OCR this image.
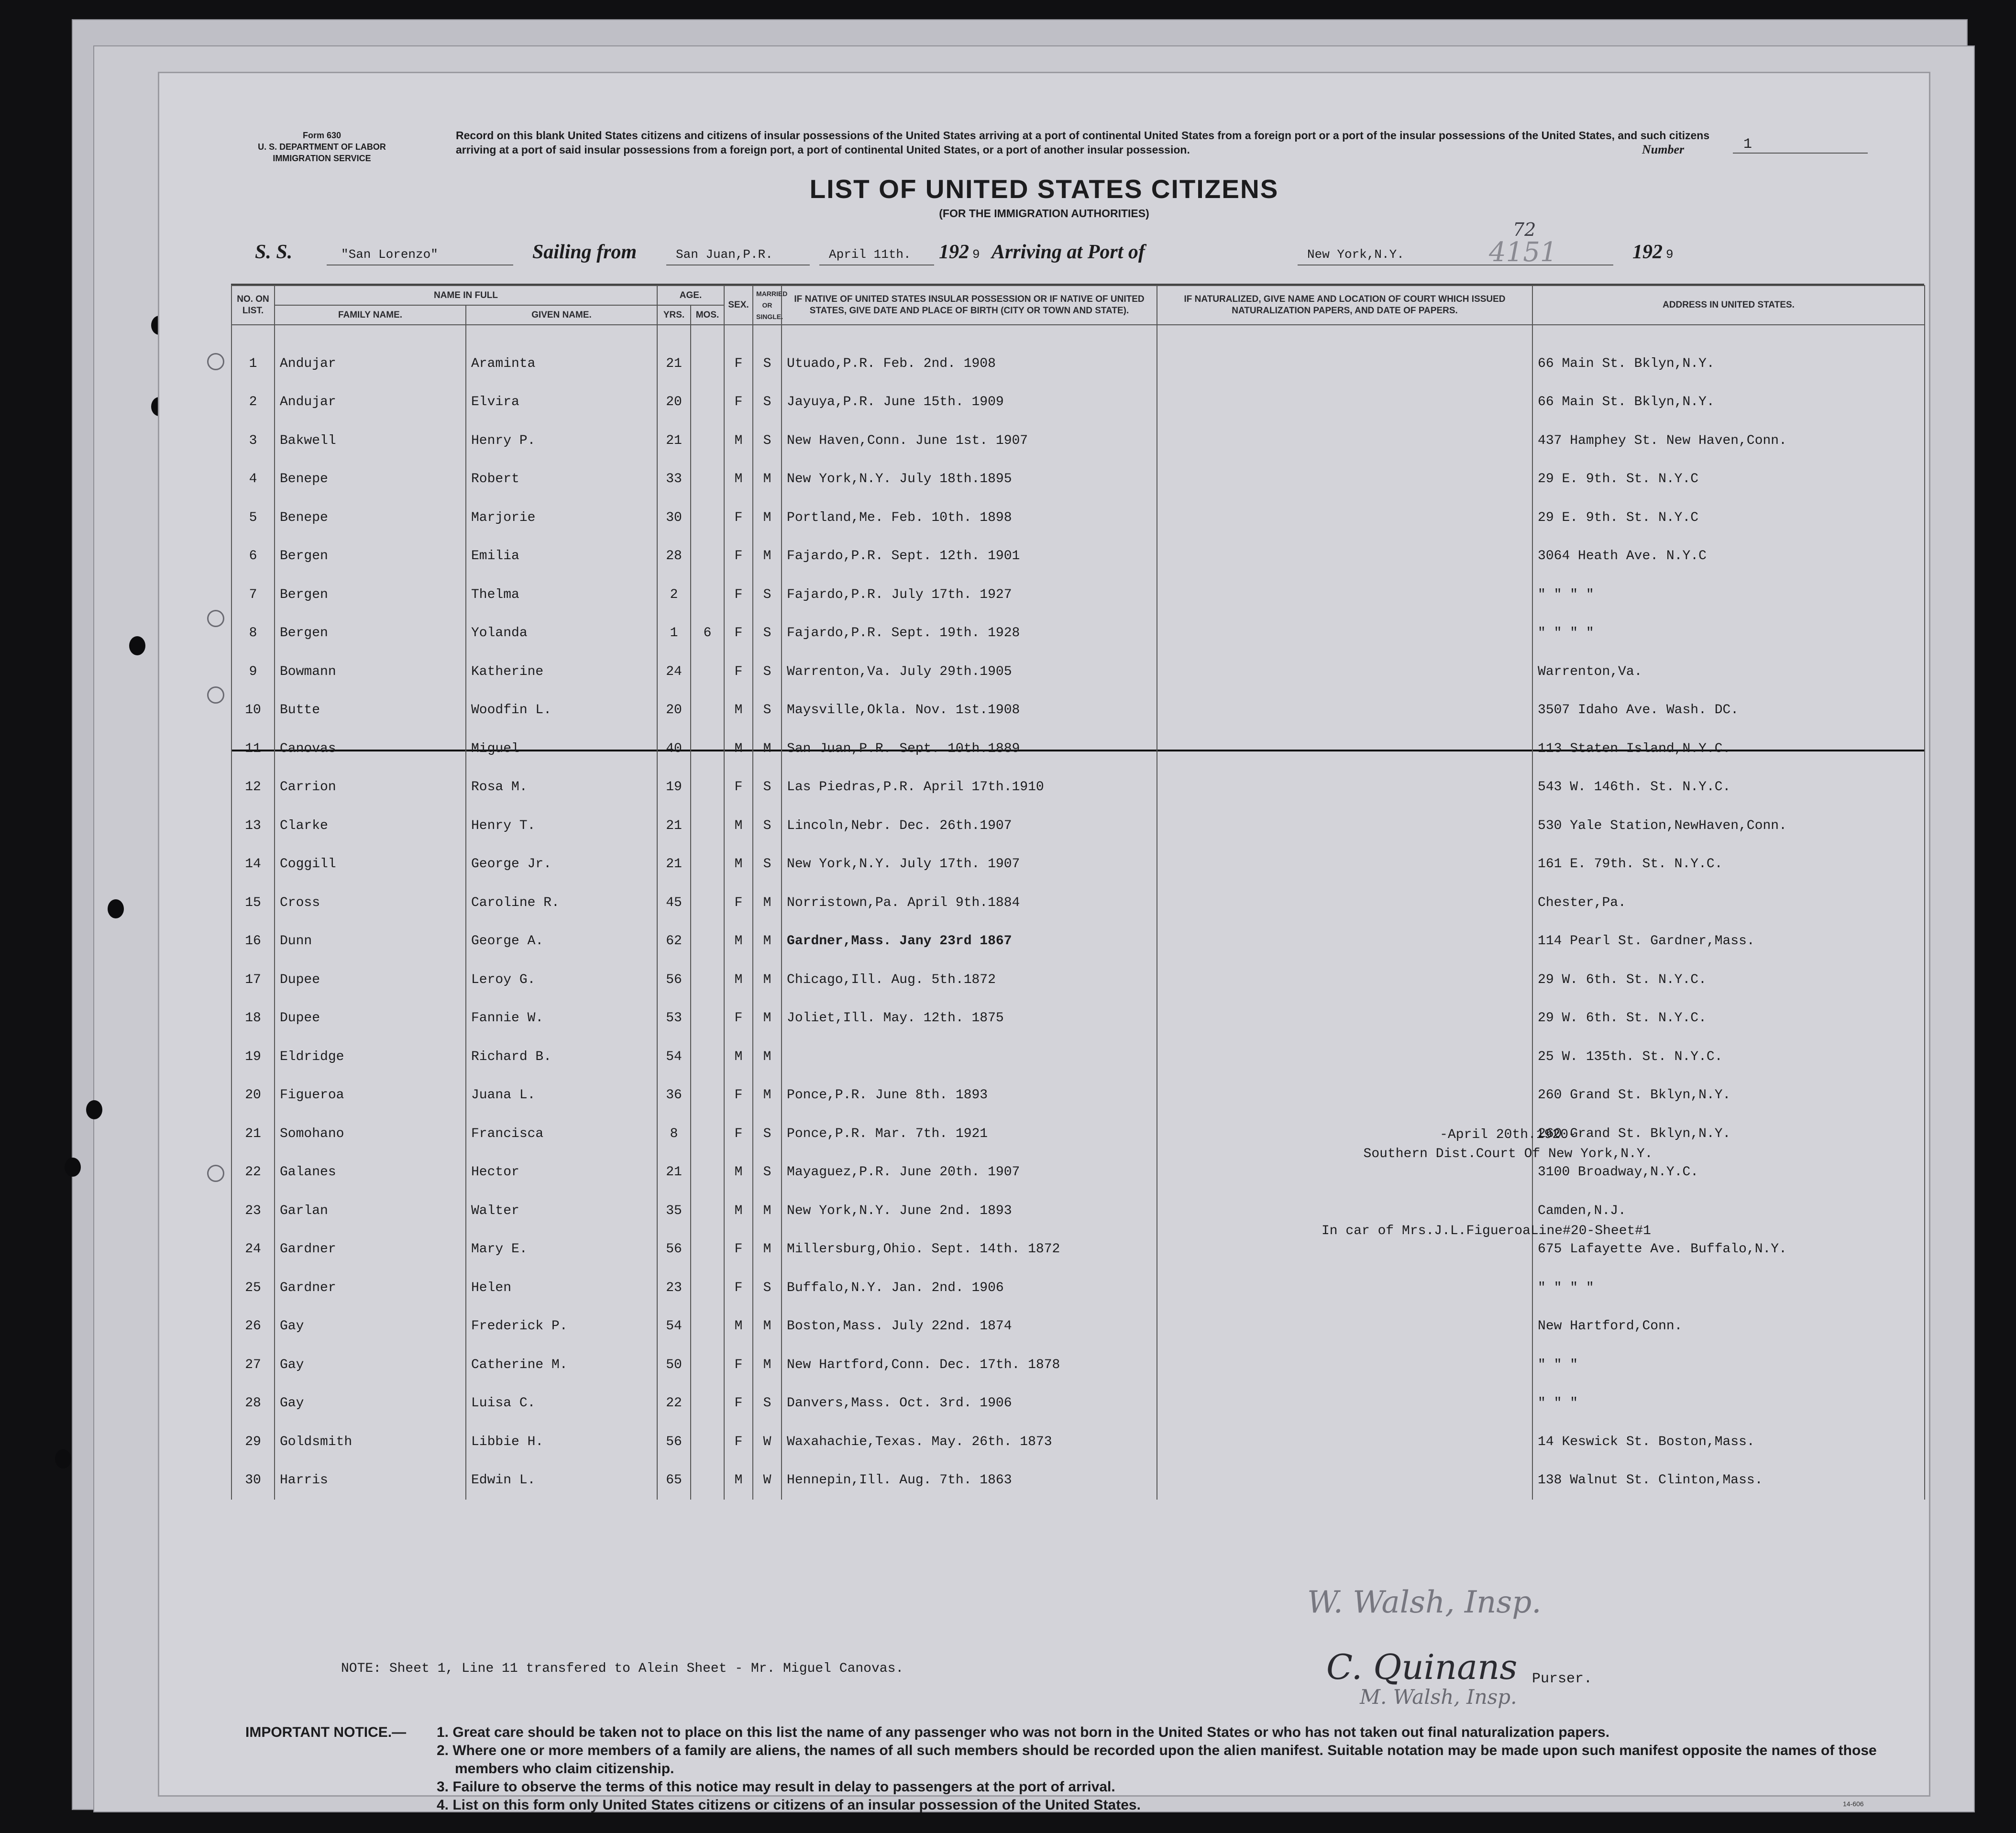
Form 630
U. S. DEPARTMENT OF LABOR
IMMIGRATION SERVICE
Record on this blank United States citizens and citizens of insular possessions of the United States arriving at a port of continental United States from a foreign port or a port of the insular possessions of the United States, and such citizens arriving at a port of said insular possessions from a foreign port, a port of continental United States, or a port of another insular possession.	Number	1
LIST OF UNITED STATES CITIZENS
(FOR THE IMMIGRATION AUTHORITIES)
S. S.	"San Lorenzo"	Sailing from	San Juan,P.R.	April 11th. 192 9 Arriving at Port of	New York,N.Y.
72
4151	192 9
NO. ON LIST.	NAME IN FULL		AGE.		SEX.	MARRIED OR SINGLE.	IF NATIVE OF UNITED STATES INSULAR POSSESSION OR IF NATIVE OF UNITED STATES, GIVE DATE AND PLACE OF BIRTH (CITY OR TOWN AND STATE).	IF NATURALIZED, GIVE NAME AND LOCATION OF COURT WHICH ISSUED NATURALIZATION PAPERS, AND DATE OF PAPERS.	ADDRESS IN UNITED STATES.
	FAMILY NAME.	GIVEN NAME.	YRS.	MOS.					

1	Andujar	Araminta	21		F	S	Utuado,P.R. Feb. 2nd. 1908		66 Main St. Bklyn,N.Y.
2	Andujar	Elvira	20		F	S	Jayuya,P.R. June 15th. 1909		66 Main St. Bklyn,N.Y.
3	Bakwell	Henry P.	21		M	S	New Haven,Conn. June 1st. 1907		437 Hamphey St. New Haven,Conn.
4	Benepe	Robert	33		M	M	New York,N.Y. July 18th.1895		29 E. 9th. St. N.Y.C
5	Benepe	Marjorie	30		F	M	Portland,Me. Feb. 10th. 1898		29 E. 9th. St. N.Y.C
6	Bergen	Emilia	28		F	M	Fajardo,P.R. Sept. 12th. 1901		3064 Heath Ave. N.Y.C
7	Bergen	Thelma	2		F	S	Fajardo,P.R. July 17th. 1927		" " " "
8	Bergen	Yolanda	1	6	F	S	Fajardo,P.R. Sept. 19th. 1928		" " " "
9	Bowmann	Katherine	24		F	S	Warrenton,Va. July 29th.1905		Warrenton,Va.
10	Butte	Woodfin L.	20		M	S	Maysville,Okla. Nov. 1st.1908		3507 Idaho Ave. Wash. DC.
11	Canovas	Miguel	40		M	M	San Juan,P.R. Sept. 10th.1889		113 Staten Island,N.Y.C.
12	Carrion	Rosa M.	19		F	S	Las Piedras,P.R. April 17th.1910		543 W. 146th. St. N.Y.C.
13	Clarke	Henry T.	21		M	S	Lincoln,Nebr. Dec. 26th.1907		530 Yale Station,NewHaven,Conn.
14	Coggill	George Jr.	21		M	S	New York,N.Y. July 17th. 1907		161 E. 79th. St. N.Y.C.
15	Cross	Caroline R.	45		F	M	Norristown,Pa. April 9th.1884		Chester,Pa.
16	Dunn	George A.	62		M	M	Gardner,Mass. Jany 23rd 1867		114 Pearl St. Gardner,Mass.
17	Dupee	Leroy G.	56		M	M	Chicago,Ill. Aug. 5th.1872		29 W. 6th. St. N.Y.C.
18	Dupee	Fannie W.	53		F	M	Joliet,Ill. May. 12th. 1875		29 W. 6th. St. N.Y.C.
19	Eldridge	Richard B.	54		M	M			25 W. 135th. St. N.Y.C.
20	Figueroa	Juana L.	36		F	M	Ponce,P.R. June 8th. 1893		260 Grand St. Bklyn,N.Y.
21	Somohano	Francisca	8		F	S	Ponce,P.R. Mar. 7th. 1921		260 Grand St. Bklyn,N.Y.
22	Galanes	Hector	21		M	S	Mayaguez,P.R. June 20th. 1907		3100 Broadway,N.Y.C.
23	Garlan	Walter	35		M	M	New York,N.Y. June 2nd. 1893		Camden,N.J.
24	Gardner	Mary E.	56		F	M	Millersburg,Ohio. Sept. 14th. 1872		675 Lafayette Ave. Buffalo,N.Y.
25	Gardner	Helen	23		F	S	Buffalo,N.Y. Jan. 2nd. 1906		" " " "
26	Gay	Frederick P.	54		M	M	Boston,Mass. July 22nd. 1874		New Hartford,Conn.
27	Gay	Catherine M.	50		F	M	New Hartford,Conn. Dec. 17th. 1878		" " "
28	Gay	Luisa C.	22		F	S	Danvers,Mass. Oct. 3rd. 1906		" " "
29	Goldsmith	Libbie H.	56		F	W	Waxahachie,Texas. May. 26th. 1873		14 Keswick St. Boston,Mass.
30	Harris	Edwin L.	65		M	W	Hennepin,Ill. Aug. 7th. 1863		138 Walnut St. Clinton,Mass.
-April 20th.1920-
Southern Dist.Court Of New York,N.Y.
In car of Mrs.J.L.FigueroaLine#20-Sheet#1
W. Walsh, Insp.
NOTE: Sheet 1, Line 11 transfered to Alein Sheet - Mr. Miguel Canovas.	C. Quinans Purser.
M. Walsh, Insp.
IMPORTANT NOTICE.— 1. Great care should be taken not to place on this list the name of any passenger who was not born in the United States or who has not taken out final naturalization papers.
2. Where one or more members of a family are aliens, the names of all such members should be recorded upon the alien manifest. Suitable notation may be made upon such manifest opposite the names of those members who claim citizenship.
3. Failure to observe the terms of this notice may result in delay to passengers at the port of arrival.
4. List on this form only United States citizens or citizens of an insular possession of the United States.	14-606
